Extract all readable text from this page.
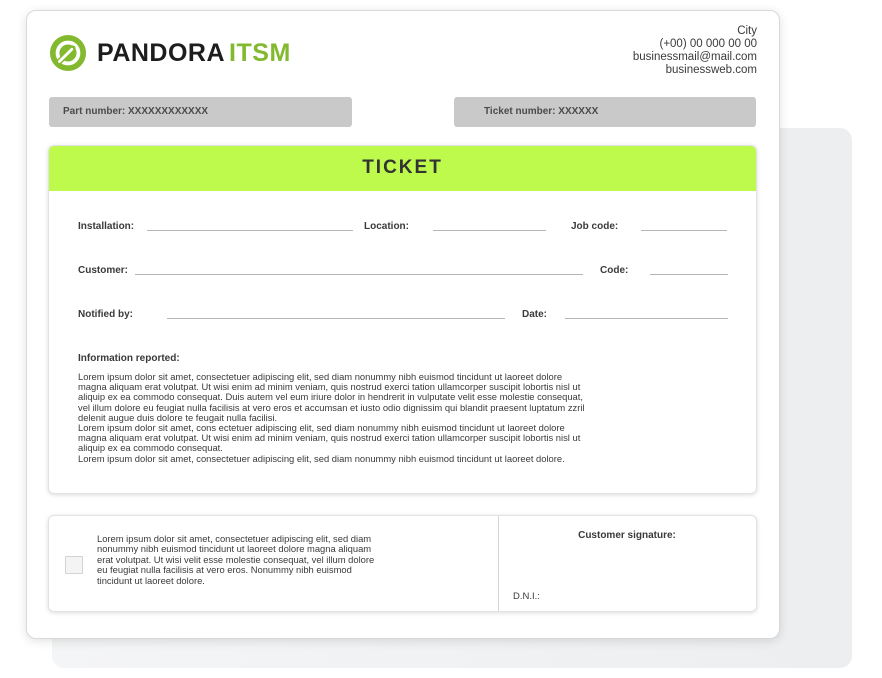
PANDORA ITSM
City
(+00) 00 000 00 00
businessmail@mail.com
businessweb.com
Part number: XXXXXXXXXXXX	Ticket number: XXXXXX
TICKET
Installation:	Location:	Job code:
Customer:	Code:
Notified by:	Date:
Information reported:
Lorem ipsum dolor sit amet, consectetuer adipiscing elit, sed diam nonummy nibh euismod tincidunt ut laoreet dolore
magna aliquam erat volutpat. Ut wisi enim ad minim veniam, quis nostrud exerci tation ullamcorper suscipit lobortis nisl ut
aliquip ex ea commodo consequat. Duis autem vel eum iriure dolor in hendrerit in vulputate velit esse molestie consequat,
vel illum dolore eu feugiat nulla facilisis at vero eros et accumsan et iusto odio dignissim qui blandit praesent luptatum zzril
delenit augue duis dolore te feugait nulla facilisi.
Lorem ipsum dolor sit amet, cons ectetuer adipiscing elit, sed diam nonummy nibh euismod tincidunt ut laoreet dolore
magna aliquam erat volutpat. Ut wisi enim ad minim veniam, quis nostrud exerci tation ullamcorper suscipit lobortis nisl ut
aliquip ex ea commodo consequat.
Lorem ipsum dolor sit amet, consectetuer adipiscing elit, sed diam nonummy nibh euismod tincidunt ut laoreet dolore.
Lorem ipsum dolor sit amet, consectetuer adipiscing elit, sed diam
nonummy nibh euismod tincidunt ut laoreet dolore magna aliquam
erat volutpat. Ut wisi velit esse molestie consequat, vel illum dolore
eu feugiat nulla facilisis at vero eros. Nonummy nibh euismod
tincidunt ut laoreet dolore.
Customer signature:
D.N.I.:
